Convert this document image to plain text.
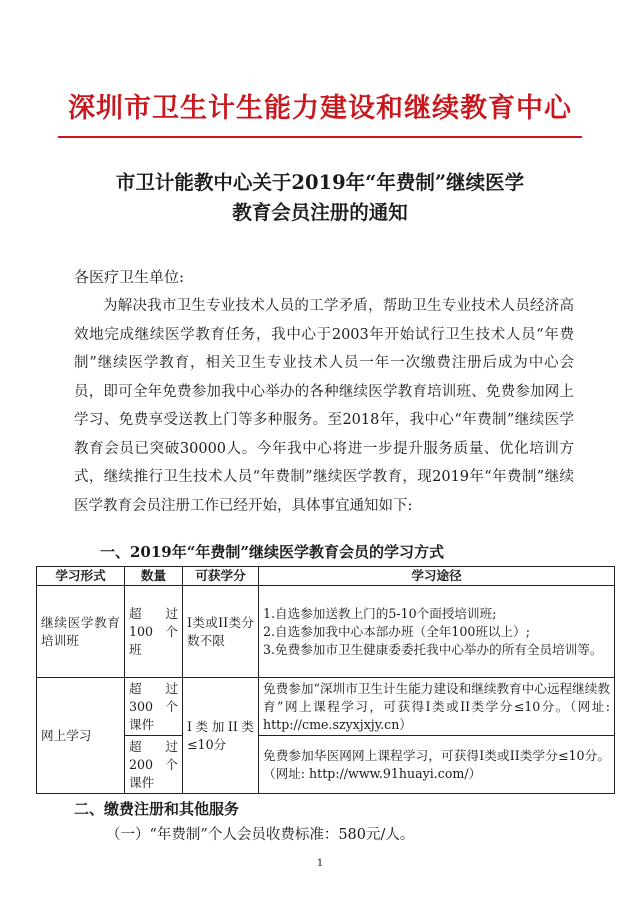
深圳市卫生计生能力建设和继续教育中心
市卫计能教中心关于2019年“年费制”继续医学
教育会员注册的通知
各医疗卫生单位:
为解决我市卫生专业技术人员的工学矛盾，帮助卫生专业技术人员经济高效地完成继续医学教育任务，我中心于2003年开始试行卫生技术人员“年费制”继续医学教育，相关卫生专业技术人员一年一次缴费注册后成为中心会员，即可全年免费参加我中心举办的各种继续医学教育培训班、免费参加网上学习、免费享受送教上门等多种服务。至2018年，我中心“年费制”继续医学教育会员已突破30000人。今年我中心将进一步提升服务质量、优化培训方式，继续推行卫生技术人员“年费制”继续医学教育，现2019年“年费制”继续医学教育会员注册工作已经开始，具体事宜通知如下:
一、2019年“年费制”继续医学教育会员的学习方式
学习形式	数量	可获学分	学习途径
继续医学教育培训班	超过100个班	I类或II类分数不限	1.自选参加送教上门的5-10个面授培训班;
2.自选参加我中心本部办班（全年100班以上）;
3.免费参加市卫生健康委委托我中心举办的所有全员培训等。

网上学习	超过300个课件	I类加II类≤10分	免费参加“深圳市卫生计生能力建设和继续教育中心远程继续教育”网上课程学习，可获得I类或II类学分≤10分。（网址: http://cme.szyxjxjy.cn）
	超过200个课件		免费参加华医网网上课程学习，可获得I类或II类学分≤10分。（网址: http://www.91huayi.com/）
二、缴费注册和其他服务
（一）“年费制”个人会员收费标准：580元/人。
1
